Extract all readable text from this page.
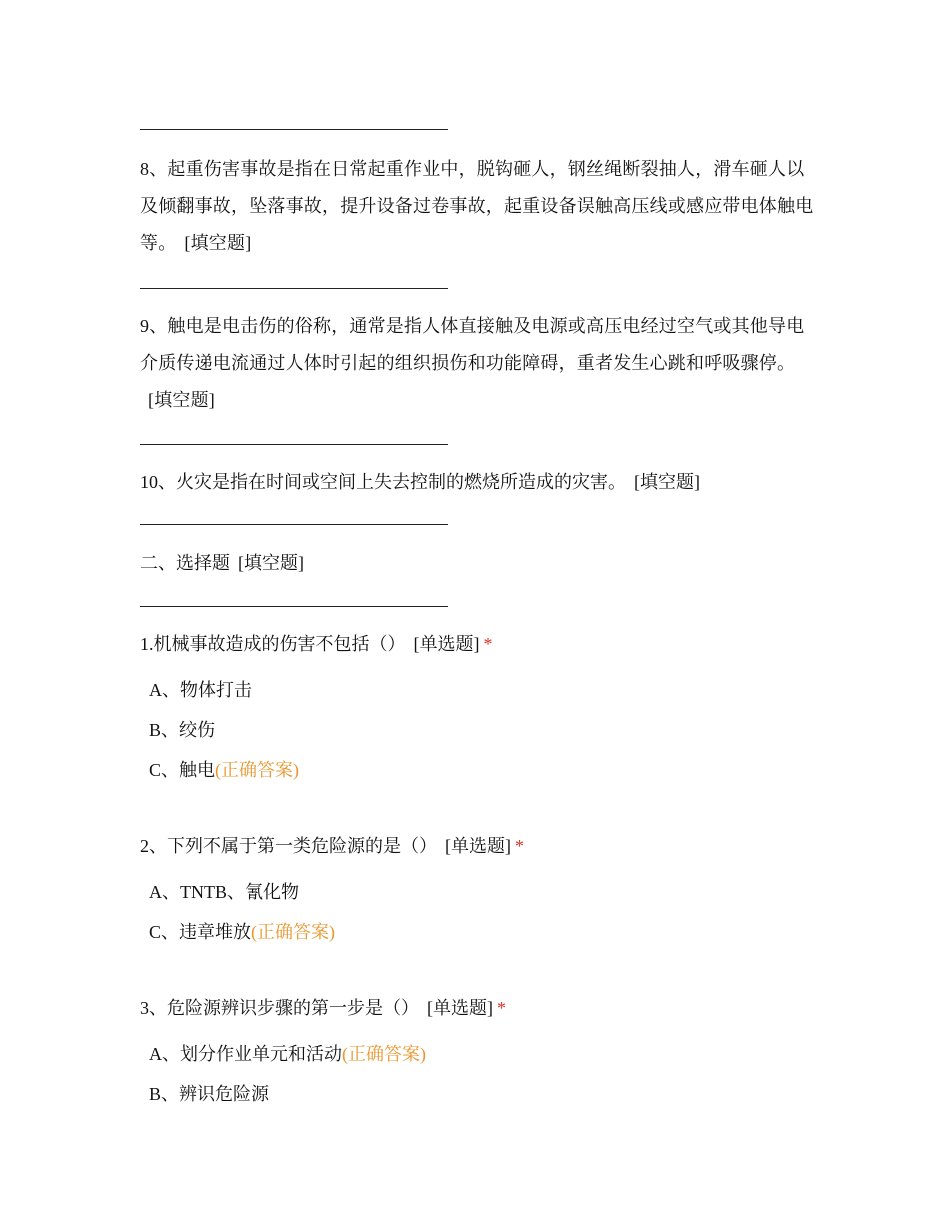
8、起重伤害事故是指在日常起重作业中，脱钩砸人，钢丝绳断裂抽人，滑车砸人以及倾翻事故，坠落事故，提升设备过卷事故，起重设备误触高压线或感应带电体触电等。 [填空题]
9、触电是电击伤的俗称，通常是指人体直接触及电源或高压电经过空气或其他导电介质传递电流通过人体时引起的组织损伤和功能障碍，重者发生心跳和呼吸骤停。[填空题]
10、火灾是指在时间或空间上失去控制的燃烧所造成的灾害。 [填空题]
二、选择题 [填空题]
1.机械事故造成的伤害不包括（） [单选题] *
A、物体打击
B、绞伤
C、触电(正确答案)
2、下列不属于第一类危险源的是（） [单选题] *
A、TNTB、氰化物
C、违章堆放(正确答案)
3、危险源辨识步骤的第一步是（） [单选题] *
A、划分作业单元和活动(正确答案)
B、辨识危险源
